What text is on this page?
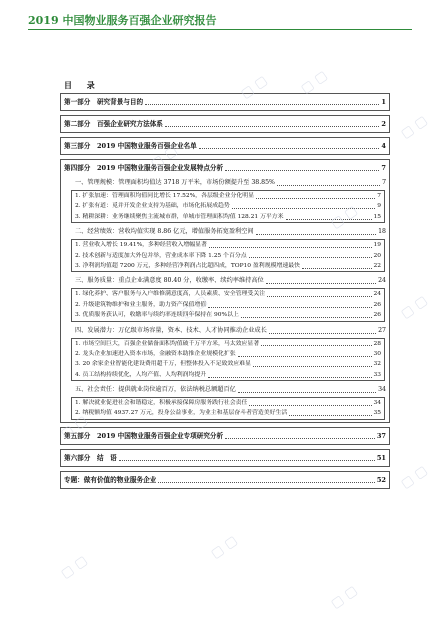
2019 中国物业服务百强企业研究报告
目 录
第一部分　研究背景与目的	1
第二部分　百强企业研究方法体系	2
第三部分　2019 中国物业服务百强企业名单	4
第四部分　2019 中国物业服务百强企业发展特点分析	7
一、管理规模：管理面积均值达 3718 万平米，市场份额提升至 38.85%	7
1. 扩张加速：管理面积均值同比增长 17.52%，各层级企业分化明显	7
2. 扩张有道：觅并开发企业支持为基础，市场化拓展成趋势	9
3. 精耕深耕：业务继续聚焦主流城市群，单城市管理面积均值 128.21 万平方米	15
二、经营绩效：营收均值实现 8.86 亿元，增值服务拓宽盈利空间	18
1. 营业收入增长 19.41%，多种经营收入增幅显著	19
2. 技术创新与适度加大外包并举，营业成本率下降 1.25 个百分点	20
3. 净利润均值超 7200 万元，多种经营净利润占比超四成，TOP10 盈利规模增速最快	22
三、服务质量：重点企业满意度 80.40 分，收缴率、续约率维持高位	24
1. 绿化养护、客户服务与入户维修满意度高，人员素质、安全管理受关注	24
2. 升级建筑物维护和业主服务，助力资产保值增值	26
3. 优质服务获认可，收缴率与续约率连续四年保持在 90%以上	26
四、发展潜力：万亿级市场容量，资本、技术、人才协同推动企业成长	27
1. 市场空间巨大，百强企业储备面积均值破千万平方米，马太效应显著	28
2. 龙头企业加速进入资本市场，金融资本助推企业规模化扩张	30
3. 20 余家企业智能化建设费用超千万，但整体投入不足致效应难显	32
4. 员工结构持续优化，人均产值、人均利润均提升	33
五、社会责任：提供就业岗位逾百万，依法纳税总额超百亿	34
1. 解决就业促进社会和谐稳定，积极承接保障房服务践行社会责任	34
2. 纳税额均值 4937.27 万元，投身公益事业，为业主和基层奋斗者营造美好生活	35
第五部分　2019 中国物业服务百强企业专项研究分析	37
第六部分　结　语	51
专题：做有价值的物业服务企业	52
▢ ▢
▢ ▢
▢ ▢
▢ ▢
▢ ▢
▢ ▢
▢ ▢
▢ ▢
▢ ▢
▢ ▢
▢ ▢
▢ ▢
